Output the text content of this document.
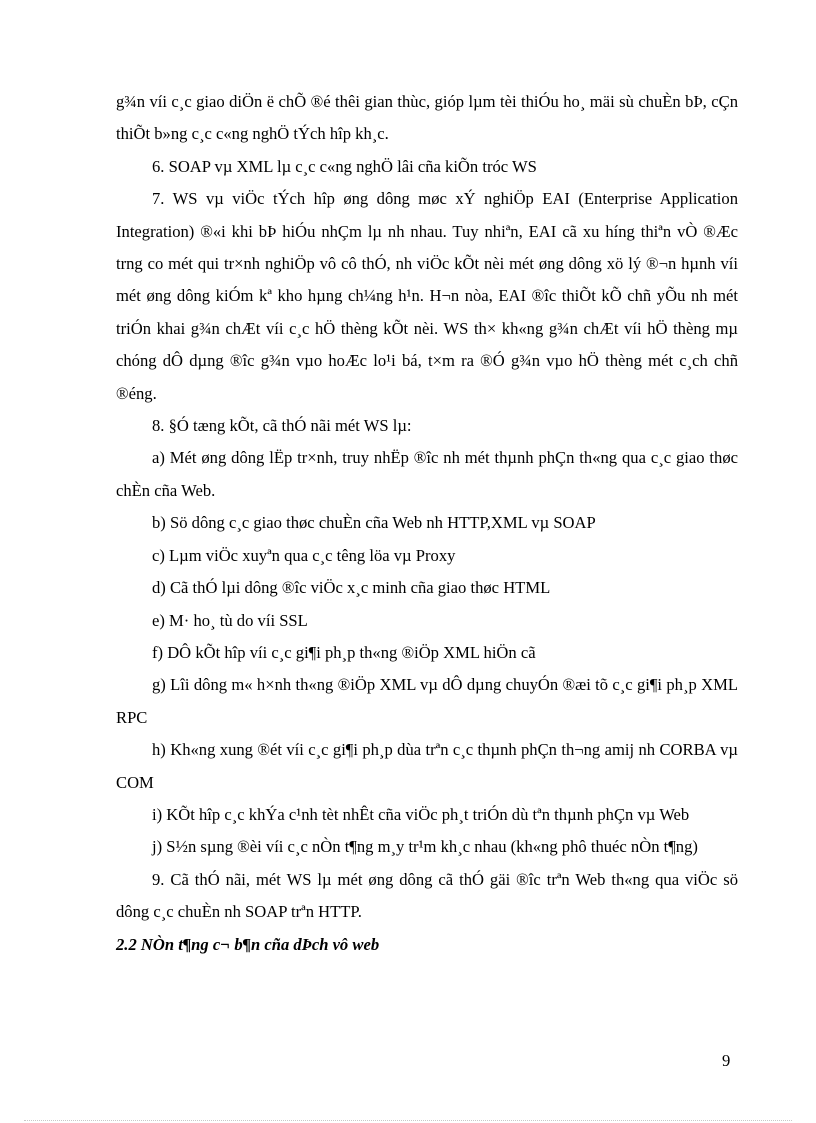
g¾n víi c¸c giao diÖn ë chÕ ®é thêi gian thùc, gióp lµm tèi thiÓu ho¸ mäi sù chuÈn bÞ, cÇn thiÕt b»ng c¸c c«ng nghÖ tÝch hîp kh¸c.

6. SOAP vµ XML lµ c¸c c«ng nghÖ lâi cña kiÕn tróc WS

7. WS vµ viÖc tÝch hîp øng dông møc xÝ nghiÖp EAI (Enterprise Application Integration) ®«i khi bÞ hiÓu nhÇm lµ nh nhau. Tuy nhiªn, EAI cã xu híng thiªn vÒ ®Æc trng co mét qui tr×nh nghiÖp vô cô thÓ, nh viÖc kÕt nèi mét øng dông xö lý ®¬n hµnh víi mét øng dông kiÓm kª kho hµng ch¼ng h¹n. H¬n nòa, EAI ®îc thiÕt kÕ chñ yÕu nh mét triÓn khai g¾n chÆt víi c¸c hÖ thèng kÕt nèi. WS th× kh«ng g¾n chÆt víi hÖ thèng mµ chóng dÔ dµng ®îc g¾n vµo hoÆc lo¹i bá, t×m ra ®Ó g¾n vµo hÖ thèng mét c¸ch chñ ®éng.

8. §Ó tæng kÕt, cã thÓ nãi mét WS lµ:

a) Mét øng dông lËp tr×nh, truy nhËp ®îc nh mét thµnh phÇn th«ng qua c¸c giao thøc chÈn cña Web.

b) Sö dông c¸c giao thøc chuÈn cña Web nh HTTP,XML vµ SOAP

c) Lµm viÖc xuyªn qua c¸c têng löa vµ Proxy

d) Cã thÓ lµi dông ®îc viÖc x¸c minh cña giao thøc HTML

e) M· ho¸ tù do víi SSL

f) DÔ kÕt hîp víi c¸c gi¶i ph¸p th«ng ®iÖp XML hiÖn cã

g) Lîi dông m« h×nh th«ng ®iÖp XML vµ dÔ dµng chuyÓn ®æi tõ c¸c gi¶i ph¸p XML RPC

h) Kh«ng xung ®ét víi c¸c gi¶i ph¸p dùa trªn c¸c thµnh phÇn th¬ng amij nh CORBA vµ COM

i) KÕt hîp c¸c khÝa c¹nh tèt nhÊt cña viÖc ph¸t triÓn dù tªn thµnh phÇn vµ Web

j) S½n sµng ®èi víi c¸c nÒn t¶ng m¸y tr¹m kh¸c nhau (kh«ng phô thuéc nÒn t¶ng)

9. Cã thÓ nãi, mét WS lµ mét øng dông cã thÓ gäi ®îc trªn Web th«ng qua viÖc sö dông c¸c chuÈn nh SOAP trªn HTTP.

2.2 NÒn t¶ng c¬ b¶n cña dÞch vô web

9
